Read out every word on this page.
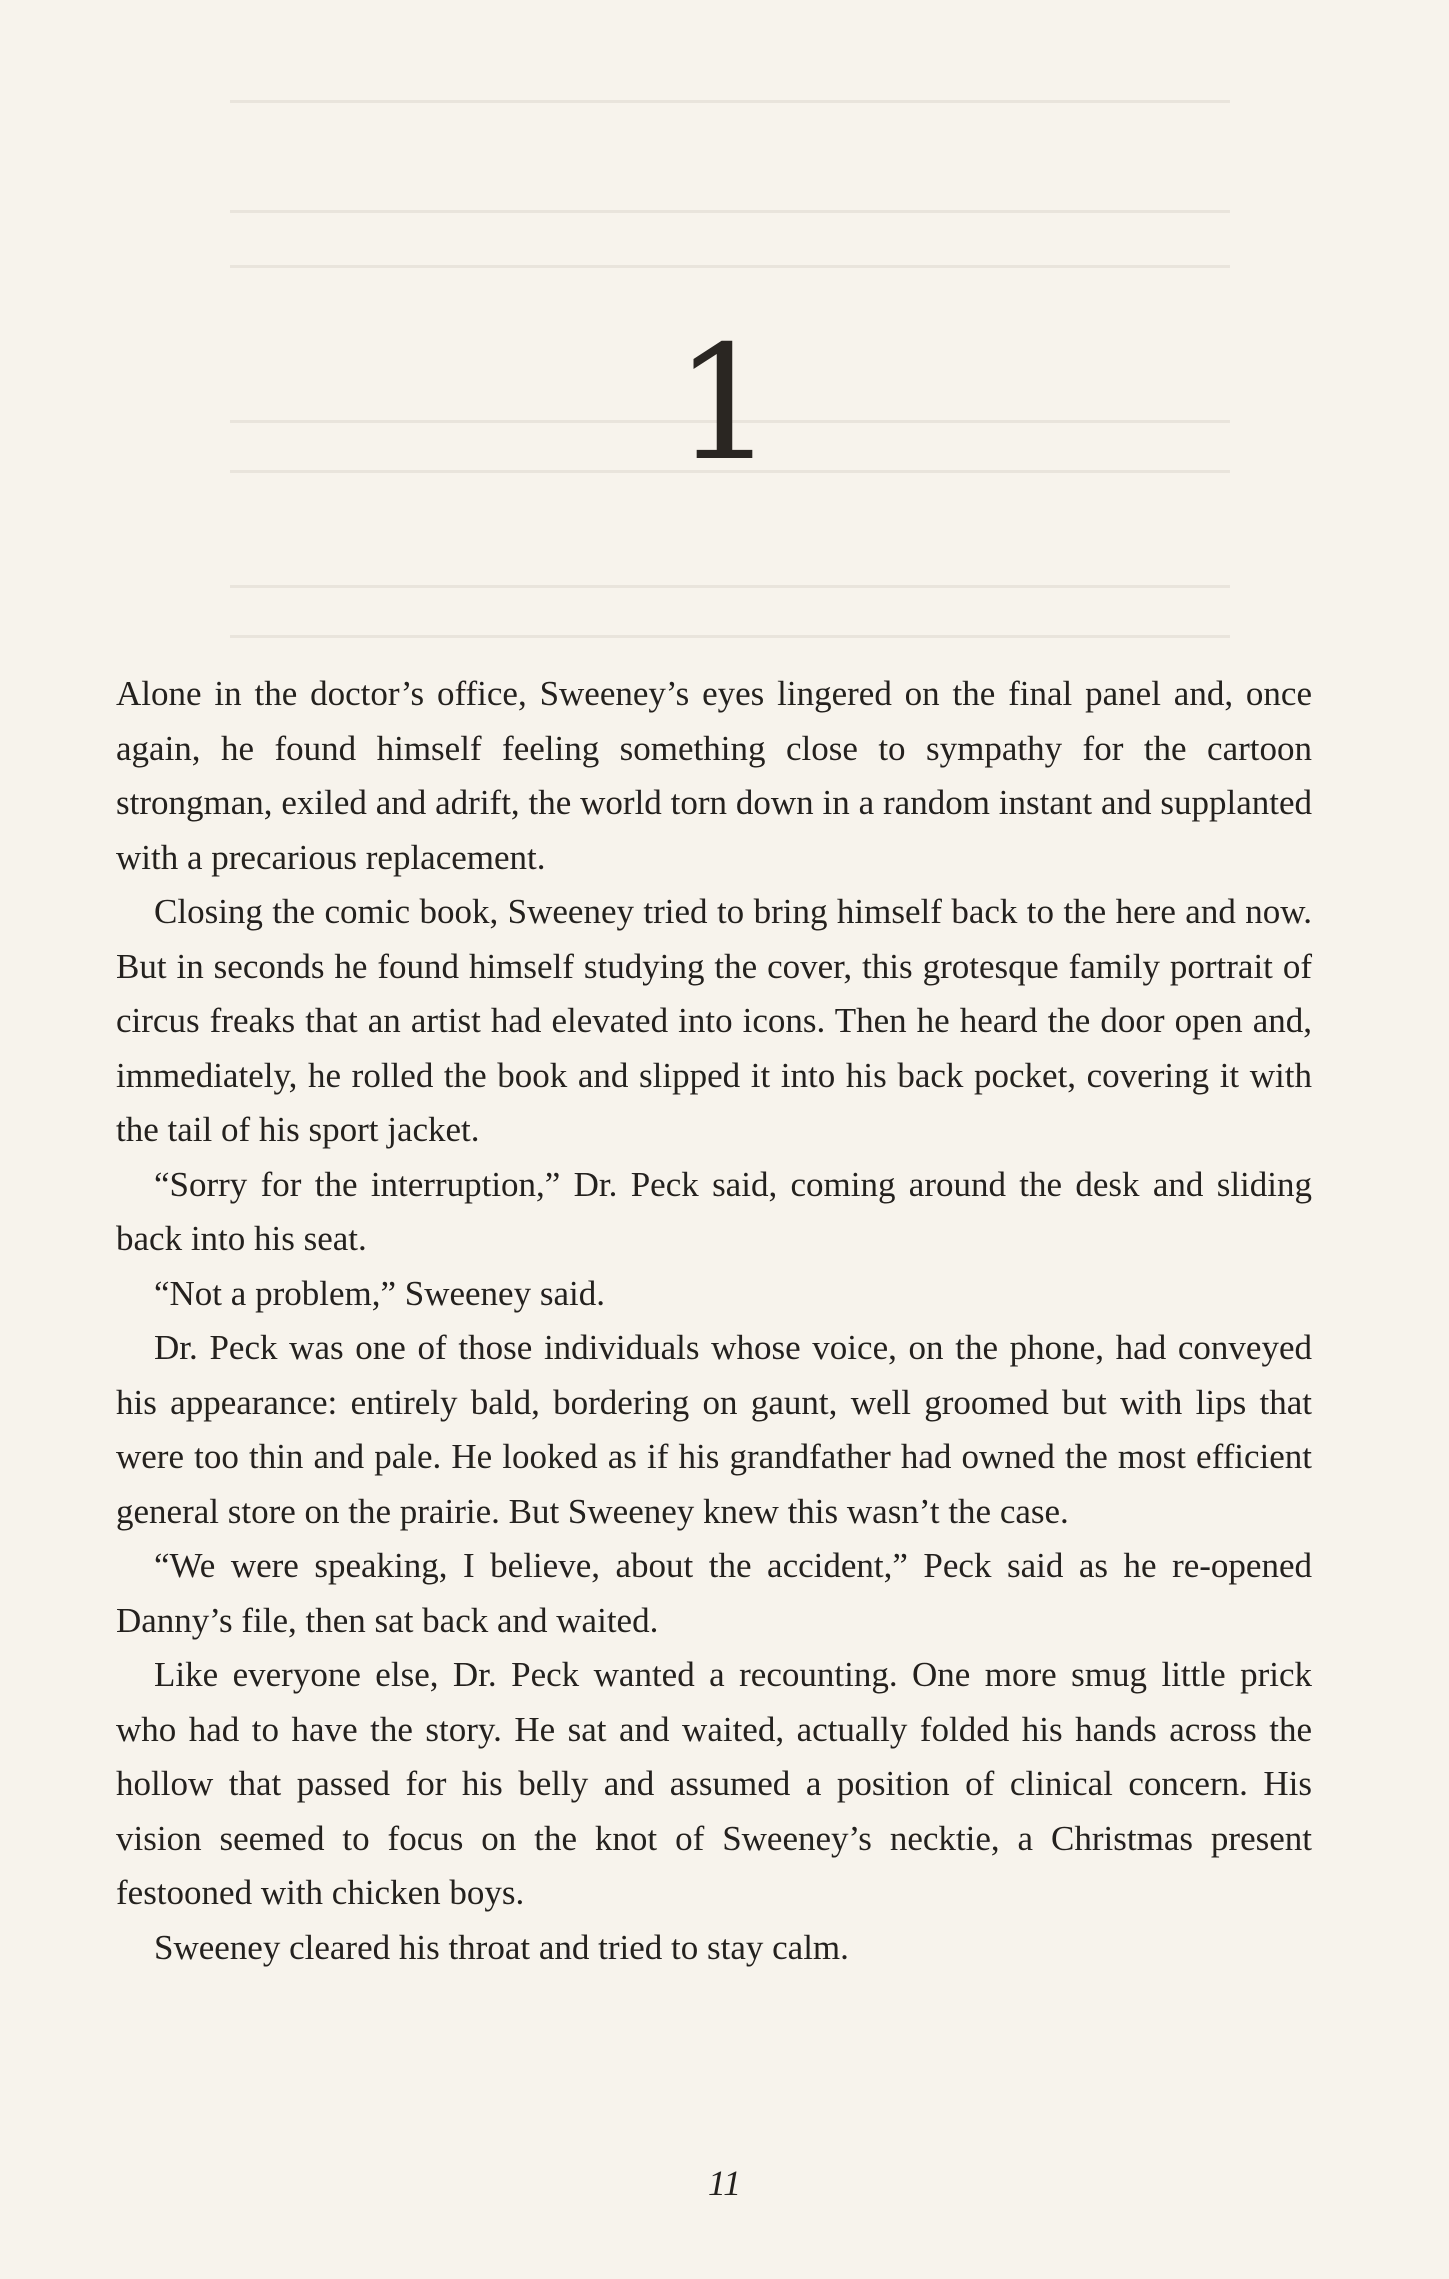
1

Alone in the doctor’s office, Sweeney’s eyes lingered on the final panel and, once again, he found himself feeling something close to sympathy for the cartoon strongman, exiled and adrift, the world torn down in a random instant and supplanted with a precarious replacement.

Closing the comic book, Sweeney tried to bring himself back to the here and now. But in seconds he found himself studying the cover, this grotesque family portrait of circus freaks that an artist had elevated into icons. Then he heard the door open and, immediately, he rolled the book and slipped it into his back pocket, covering it with the tail of his sport jacket.

“Sorry for the interruption,” Dr. Peck said, coming around the desk and sliding back into his seat.

“Not a problem,” Sweeney said.

Dr. Peck was one of those individuals whose voice, on the phone, had conveyed his appearance: entirely bald, bordering on gaunt, well groomed but with lips that were too thin and pale. He looked as if his grandfather had owned the most efficient general store on the prairie. But Sweeney knew this wasn’t the case.

“We were speaking, I believe, about the accident,” Peck said as he re-opened Danny’s file, then sat back and waited.

Like everyone else, Dr. Peck wanted a recounting. One more smug little prick who had to have the story. He sat and waited, actually folded his hands across the hollow that passed for his belly and assumed a position of clinical concern. His vision seemed to focus on the knot of Sweeney’s necktie, a Christmas present festooned with chicken boys.

Sweeney cleared his throat and tried to stay calm.

11
